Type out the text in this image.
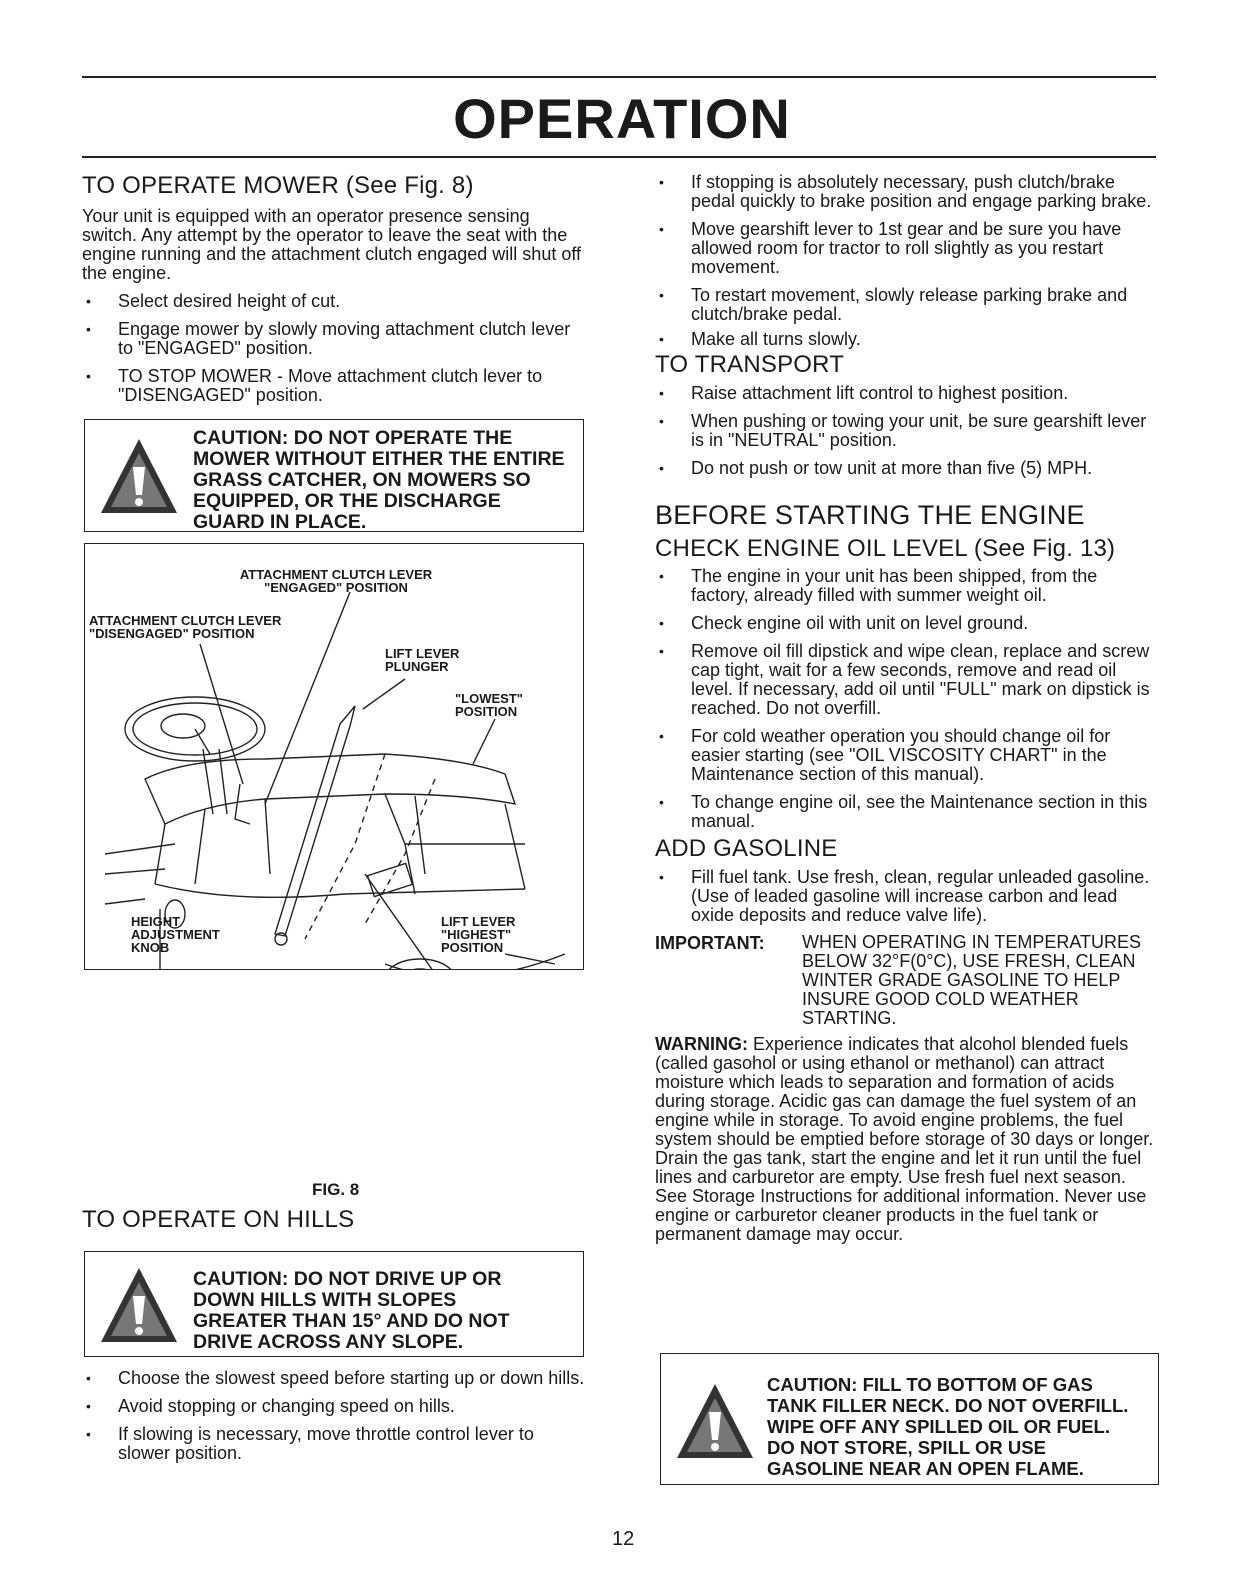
OPERATION
TO OPERATE MOWER (See Fig. 8)

Your unit is equipped with an operator presence sensing switch. Any attempt by the operator to leave the seat with the engine running and the attachment clutch engaged will shut off the engine.

• Select desired height of cut.
• Engage mower by slowly moving attachment clutch lever to "ENGAGED" position.
• TO STOP MOWER - Move attachment clutch lever to "DISENGAGED" position.
CAUTION: DO NOT OPERATE THE MOWER WITHOUT EITHER THE ENTIRE GRASS CATCHER, ON MOWERS SO EQUIPPED, OR THE DISCHARGE GUARD IN PLACE.
ATTACHMENT CLUTCH LEVER
"ENGAGED" POSITION
ATTACHMENT CLUTCH LEVER
"DISENGAGED" POSITION
LIFT LEVER
PLUNGER
"LOWEST"
POSITION
HEIGHT
ADJUSTMENT
KNOB
LIFT LEVER
"HIGHEST"
POSITION
FIG. 8
TO OPERATE ON HILLS
CAUTION: DO NOT DRIVE UP OR DOWN HILLS WITH SLOPES GREATER THAN 15° AND DO NOT DRIVE ACROSS ANY SLOPE.
• Choose the slowest speed before starting up or down hills.
• Avoid stopping or changing speed on hills.
• If slowing is necessary, move throttle control lever to slower position.
• If stopping is absolutely necessary, push clutch/brake pedal quickly to brake position and engage parking brake.
• Move gearshift lever to 1st gear and be sure you have allowed room for tractor to roll slightly as you restart movement.
• To restart movement, slowly release parking brake and clutch/brake pedal.
• Make all turns slowly.
TO TRANSPORT
• Raise attachment lift control to highest position.
• When pushing or towing your unit, be sure gearshift lever is in "NEUTRAL" position.
• Do not push or tow unit at more than five (5) MPH.
BEFORE STARTING THE ENGINE
CHECK ENGINE OIL LEVEL (See Fig. 13)
• The engine in your unit has been shipped, from the factory, already filled with summer weight oil.
• Check engine oil with unit on level ground.
• Remove oil fill dipstick and wipe clean, replace and screw cap tight, wait for a few seconds, remove and read oil level. If necessary, add oil until "FULL" mark on dipstick is reached. Do not overfill.
• For cold weather operation you should change oil for easier starting (see "OIL VISCOSITY CHART" in the Maintenance section of this manual).
• To change engine oil, see the Maintenance section in this manual.
ADD GASOLINE
• Fill fuel tank. Use fresh, clean, regular unleaded gasoline. (Use of leaded gasoline will increase carbon and lead oxide deposits and reduce valve life).
IMPORTANT: WHEN OPERATING IN TEMPERATURES BELOW 32°F(0°C), USE FRESH, CLEAN WINTER GRADE GASOLINE TO HELP INSURE GOOD COLD WEATHER STARTING.

WARNING: Experience indicates that alcohol blended fuels (called gasohol or using ethanol or methanol) can attract moisture which leads to separation and formation of acids during storage. Acidic gas can damage the fuel system of an engine while in storage. To avoid engine problems, the fuel system should be emptied before storage of 30 days or longer. Drain the gas tank, start the engine and let it run until the fuel lines and carburetor are empty. Use fresh fuel next season. See Storage Instructions for additional information. Never use engine or carburetor cleaner products in the fuel tank or permanent damage may occur.

CAUTION: FILL TO BOTTOM OF GAS TANK FILLER NECK. DO NOT OVERFILL. WIPE OFF ANY SPILLED OIL OR FUEL. DO NOT STORE, SPILL OR USE GASOLINE NEAR AN OPEN FLAME.
12
